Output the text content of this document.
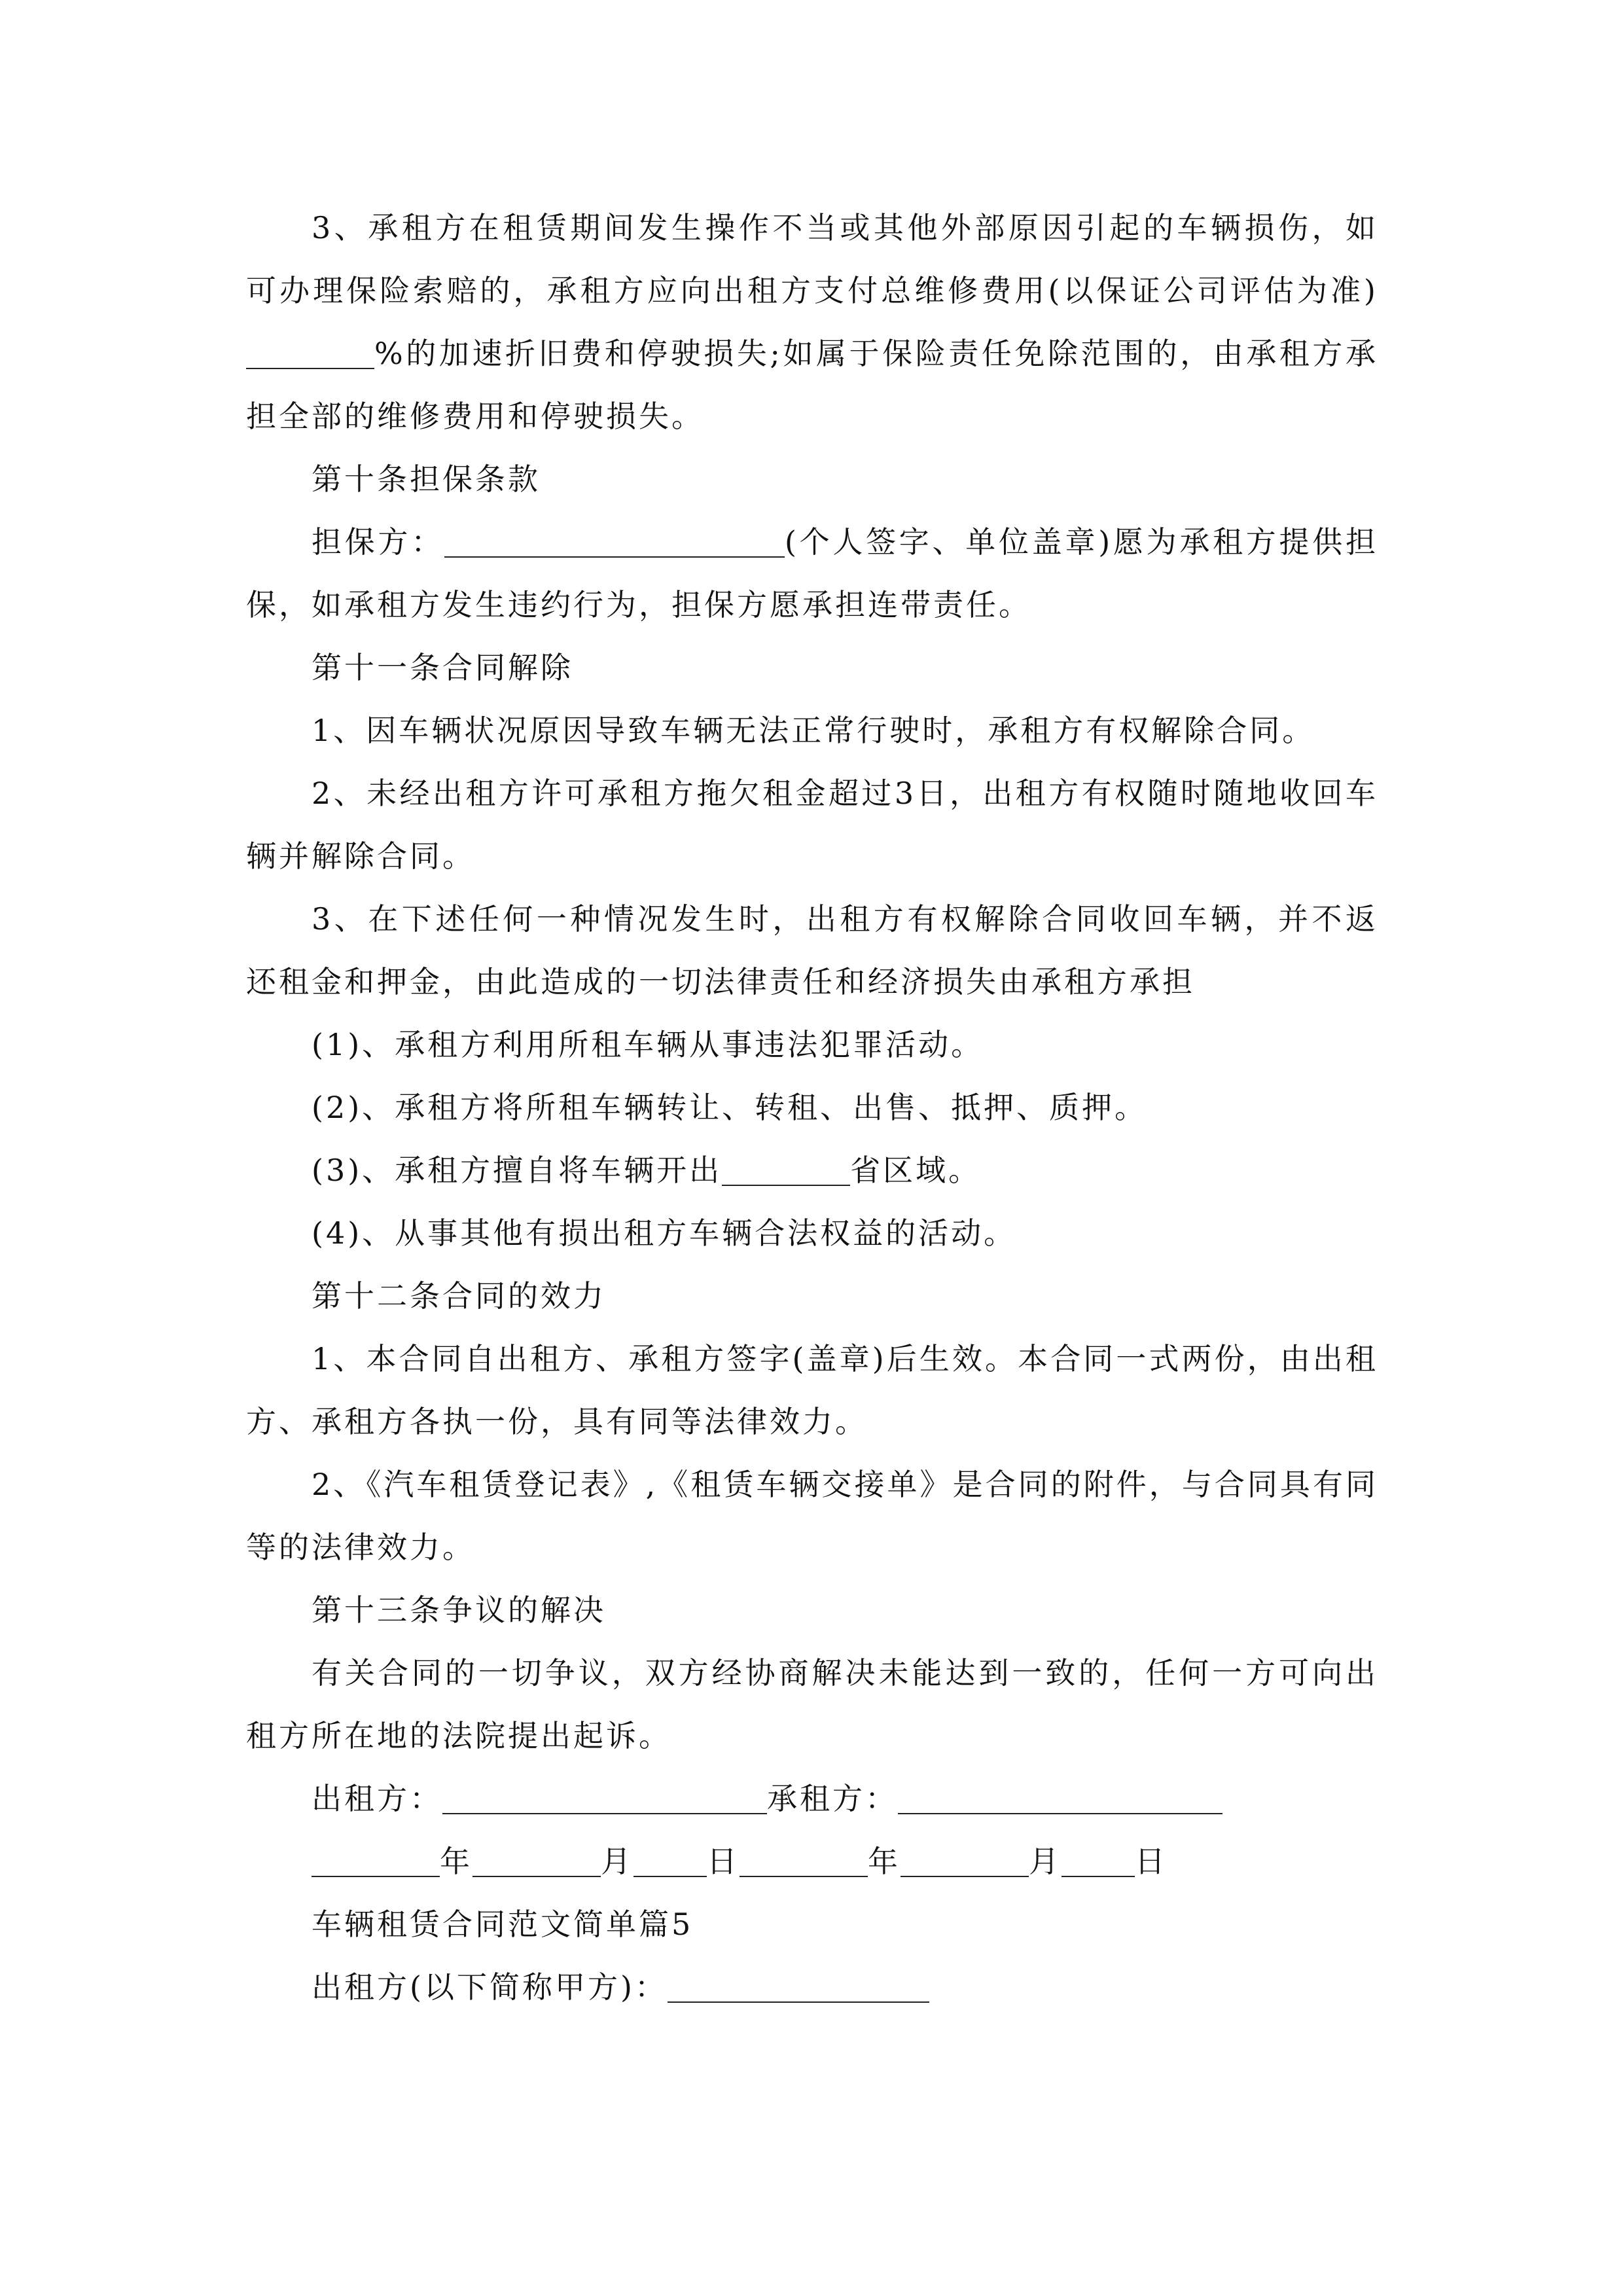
3、承租方在租赁期间发生操作不当或其他外部原因引起的车辆损伤，如可办理保险索赔的，承租方应向出租方支付总维修费用(以保证公司评估为准)%的加速折旧费和停驶损失;如属于保险责任免除范围的，由承租方承担全部的维修费用和停驶损失。

第十条担保条款

担保方：	(个人签字、单位盖章)愿为承租方提供担保，如承租方发生违约行为，担保方愿承担连带责任。

第十一条合同解除

1、因车辆状况原因导致车辆无法正常行驶时，承租方有权解除合同。

2、未经出租方许可承租方拖欠租金超过3日，出租方有权随时随地收回车辆并解除合同。

3、在下述任何一种情况发生时，出租方有权解除合同收回车辆，并不返还租金和押金，由此造成的一切法律责任和经济损失由承租方承担

(1)、承租方利用所租车辆从事违法犯罪活动。

(2)、承租方将所租车辆转让、转租、出售、抵押、质押。

(3)、承租方擅自将车辆开出	省区域。

(4)、从事其他有损出租方车辆合法权益的活动。

第十二条合同的效力

1、本合同自出租方、承租方签字(盖章)后生效。本合同一式两份，由出租方、承租方各执一份，具有同等法律效力。

2、《汽车租赁登记表》,《租赁车辆交接单》是合同的附件，与合同具有同等的法律效力。

第十三条争议的解决

有关合同的一切争议，双方经协商解决未能达到一致的，任何一方可向出租方所在地的法院提出起诉。

出租方：	承租方：

年	月 日	年	月 日

车辆租赁合同范文简单篇5

出租方(以下简称甲方)：
